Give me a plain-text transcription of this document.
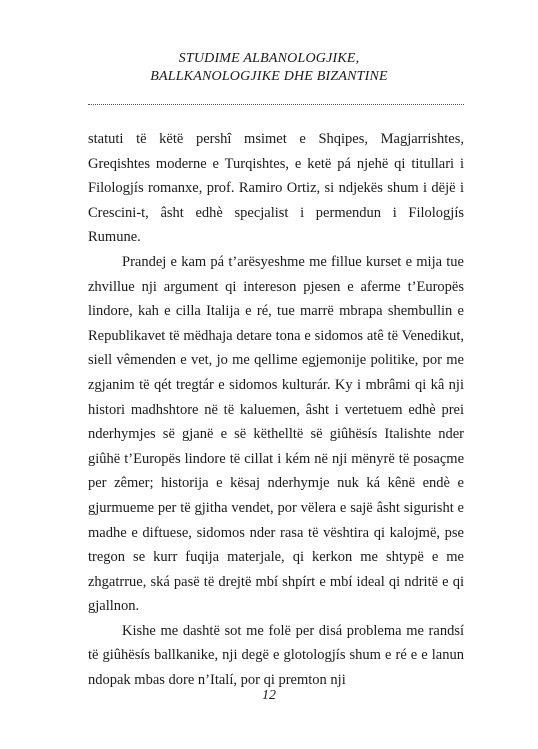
STUDIME ALBANOLOGJIKE,
BALLKANOLOGJIKE DHE BIZANTINE

statuti të këtë pershî msimet e Shqipes, Magjarrishtes, Greqishtes moderne e Turqishtes, e ketë pá njehë qi titullari i Filologjís romanxe, prof. Ramiro Ortiz, si ndjekës shum i dëjë i Crescini-t, âsht edhè specjalist i permendun i Filologjís Rumune.

Prandej e kam pá t’arësyeshme me fillue kurset e mija tue zhvillue nji argument qi intereson pjesen e aferme t’Europës lindore, kah e cilla Italija e ré, tue marrë mbrapa shembullin e Republikavet të mëdhaja detare tona e sidomos atê të Venedikut, siell vêmenden e vet, jo me qellime egjemonije politike, por me zgjanim të qét tregtár e sidomos kulturár. Ky i mbrâmi qi kâ nji histori madhshtore në të kaluemen, âsht i vertetuem edhè prei nderhymjes së gjanë e së këthelltë së giûhësís Italishte nder giûhë t’Europës lindore të cillat i kém në nji mënyrë të posaçme per zêmer; historija e kësaj nderhymje nuk ká kênë endè e gjurmueme per të gjitha vendet, por vëlera e sajë âsht sigurisht e madhe e diftuese, sidomos nder rasa të vështira qi kalojmë, pse tregon se kurr fuqija materjale, qi kerkon me shtypë e me zhgatrrue, ská pasë të drejtë mbí shpírt e mbí ideal qi ndritë e qi gjallnon.

Kishe me dashtë sot me folë per disá problema me randsí të giûhësís ballkanike, nji degë e glotologjís shum e ré e e lanun ndopak mbas dore n’Italí, por qi premton nji

12
